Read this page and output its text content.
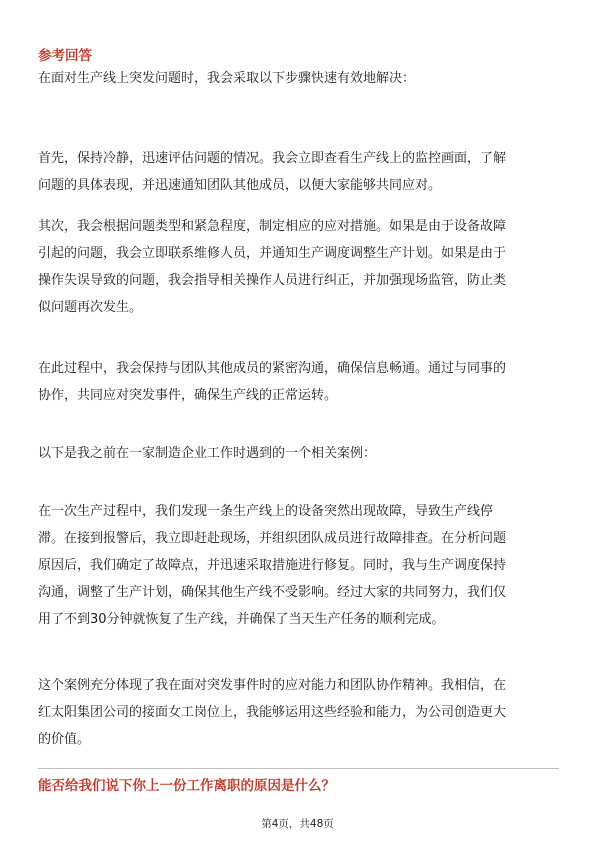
参考回答
在面对生产线上突发问题时，我会采取以下步骤快速有效地解决：
首先，保持冷静，迅速评估问题的情况。我会立即查看生产线上的监控画面，了解
问题的具体表现，并迅速通知团队其他成员，以便大家能够共同应对。
其次，我会根据问题类型和紧急程度，制定相应的应对措施。如果是由于设备故障
引起的问题，我会立即联系维修人员，并通知生产调度调整生产计划。如果是由于
操作失误导致的问题，我会指导相关操作人员进行纠正，并加强现场监管，防止类
似问题再次发生。
在此过程中，我会保持与团队其他成员的紧密沟通，确保信息畅通。通过与同事的
协作，共同应对突发事件，确保生产线的正常运转。
以下是我之前在一家制造企业工作时遇到的一个相关案例：
在一次生产过程中，我们发现一条生产线上的设备突然出现故障，导致生产线停
滞。在接到报警后，我立即赶赴现场，并组织团队成员进行故障排查。在分析问题
原因后，我们确定了故障点，并迅速采取措施进行修复。同时，我与生产调度保持
沟通，调整了生产计划，确保其他生产线不受影响。经过大家的共同努力，我们仅
用了不到30分钟就恢复了生产线，并确保了当天生产任务的顺利完成。
这个案例充分体现了我在面对突发事件时的应对能力和团队协作精神。我相信，在
红太阳集团公司的接面女工岗位上，我能够运用这些经验和能力，为公司创造更大
的价值。
能否给我们说下你上一份工作离职的原因是什么？
第4页，共48页
